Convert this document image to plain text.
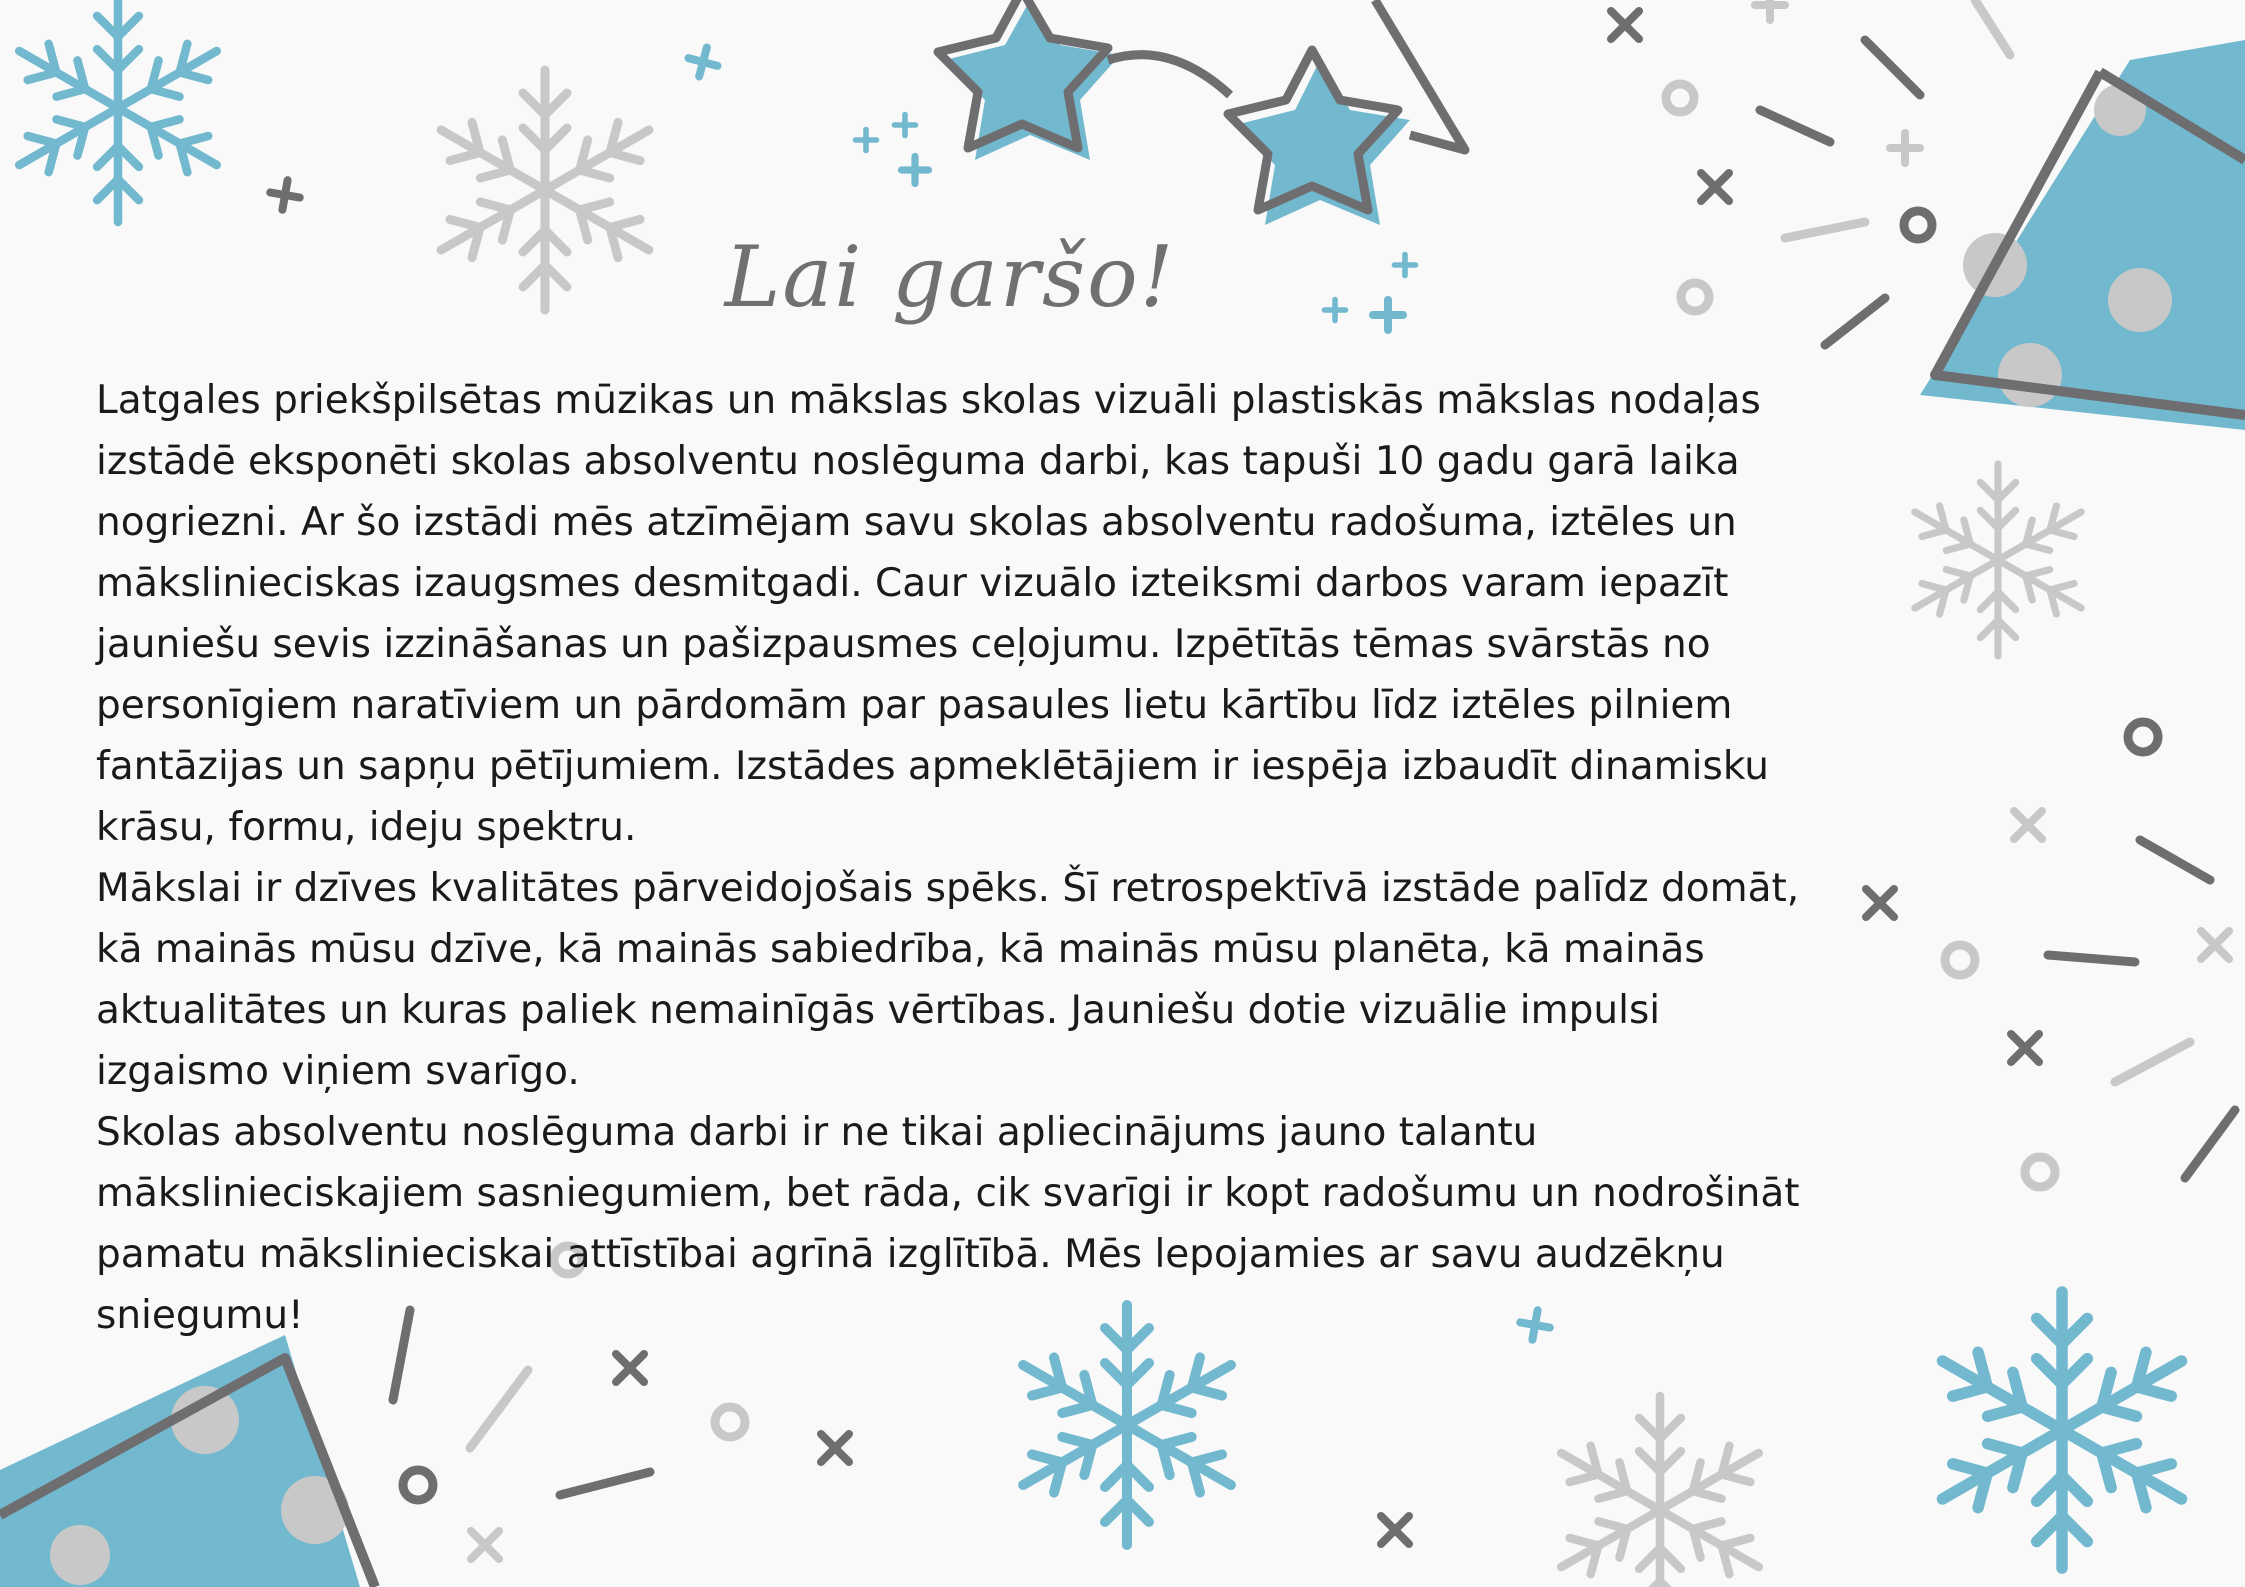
Lai garšo!

Latgales priekšpilsētas mūzikas un mākslas skolas vizuāli plastiskās mākslas nodaļas izstādē eksponēti skolas absolventu noslēguma darbi, kas tapuši 10 gadu garā laika nogriezni. Ar šo izstādi mēs atzīmējam savu skolas absolventu radošuma, iztēles un mākslinieciskas izaugsmes desmitgadi. Caur vizuālo izteiksmi darbos varam iepazīt jauniešu sevis izzināšanas un pašizpausmes ceļojumu. Izpētītās tēmas svārstās no personīgiem naratīviem un pārdomām par pasaules lietu kārtību līdz iztēles pilniem fantāzijas un sapņu pētījumiem. Izstādes apmeklētājiem ir iespēja izbaudīt dinamisku krāsu, formu, ideju spektru.

Mākslai ir dzīves kvalitātes pārveidojošais spēks. Šī retrospektīvā izstāde palīdz domāt, kā mainās mūsu dzīve, kā mainās sabiedrība, kā mainās mūsu planēta, kā mainās aktualitātes un kuras paliek nemainīgās vērtības. Jauniešu dotie vizuālie impulsi izgaismo viņiem svarīgo.

Skolas absolventu noslēguma darbi ir ne tikai apliecinājums jauno talantu mākslinieciskajiem sasniegumiem, bet rāda, cik svarīgi ir kopt radošumu un nodrošināt pamatu mākslinieciskai attīstībai agrīnā izglītībā. Mēs lepojamies ar savu audzēkņu sniegumu!
